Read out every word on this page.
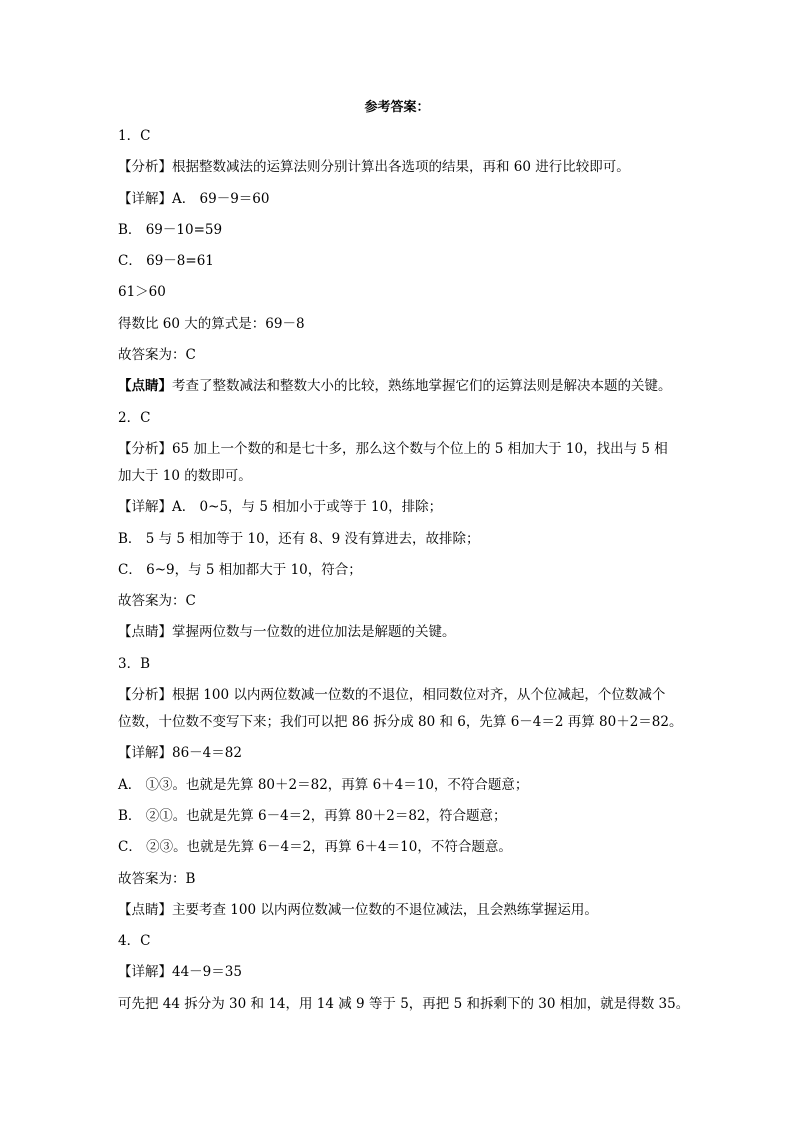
参考答案：
1．C
【分析】根据整数减法的运算法则分别计算出各选项的结果，再和 60 进行比较即可。
【详解】A． 69－9＝60
B． 69－10=59
C． 69－8=61
61＞60
得数比 60 大的算式是：69－8
故答案为：C
【点睛】考查了整数减法和整数大小的比较，熟练地掌握它们的运算法则是解决本题的关键。
2．C
【分析】65 加上一个数的和是七十多，那么这个数与个位上的 5 相加大于 10，找出与 5 相
加大于 10 的数即可。
【详解】A． 0~5，与 5 相加小于或等于 10，排除；
B． 5 与 5 相加等于 10，还有 8、9 没有算进去，故排除；
C． 6~9，与 5 相加都大于 10，符合；
故答案为：C
【点睛】掌握两位数与一位数的进位加法是解题的关键。
3．B
【分析】根据 100 以内两位数减一位数的不退位，相同数位对齐，从个位减起，个位数减个
位数，十位数不变写下来；我们可以把 86 拆分成 80 和 6，先算 6－4＝2 再算 80＋2＝82。
【详解】86－4＝82
A． ①③。也就是先算 80＋2＝82，再算 6＋4＝10，不符合题意；
B． ②①。也就是先算 6－4＝2，再算 80＋2＝82，符合题意；
C． ②③。也就是先算 6－4＝2，再算 6＋4＝10，不符合题意。
故答案为：B
【点睛】主要考查 100 以内两位数减一位数的不退位减法，且会熟练掌握运用。
4．C
【详解】44－9＝35
可先把 44 拆分为 30 和 14，用 14 减 9 等于 5，再把 5 和拆剩下的 30 相加，就是得数 35。
